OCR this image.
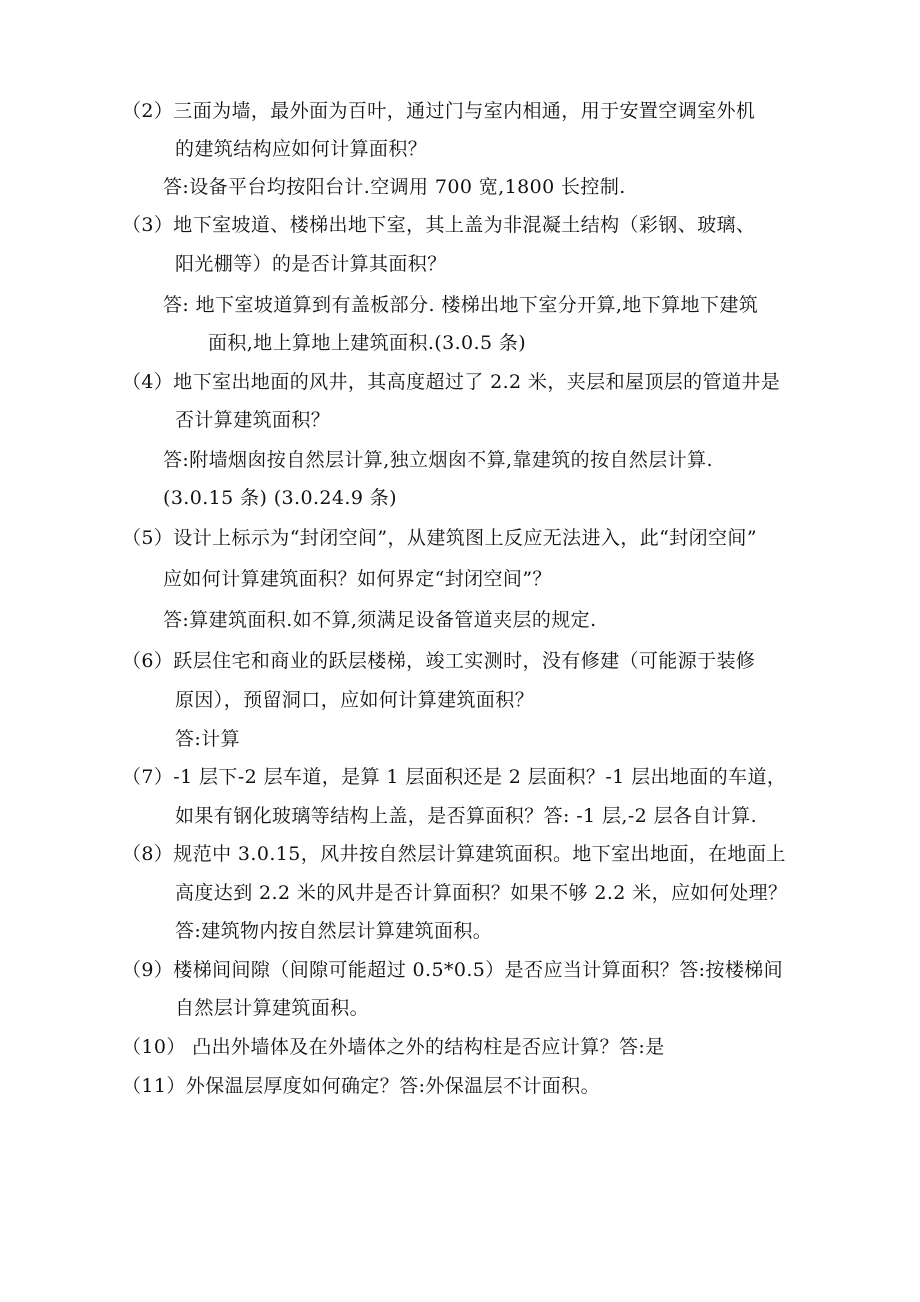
（2）三面为墙，最外面为百叶，通过门与室内相通，用于安置空调室外机
的建筑结构应如何计算面积？
答:设备平台均按阳台计.空调用 700 宽,1800 长控制.
（3）地下室坡道、楼梯出地下室，其上盖为非混凝土结构（彩钢、玻璃、
阳光棚等）的是否计算其面积？
答: 地下室坡道算到有盖板部分. 楼梯出地下室分开算,地下算地下建筑
面积,地上算地上建筑面积.(3.0.5 条)
（4）地下室出地面的风井，其高度超过了 2.2 米，夹层和屋顶层的管道井是
否计算建筑面积？
答:附墙烟囱按自然层计算,独立烟囱不算,靠建筑的按自然层计算.
(3.0.15 条) (3.0.24.9 条)
（5）设计上标示为“封闭空间”，从建筑图上反应无法进入，此“封闭空间”
应如何计算建筑面积？如何界定“封闭空间”？
答:算建筑面积.如不算,须满足设备管道夹层的规定.
（6）跃层住宅和商业的跃层楼梯，竣工实测时，没有修建（可能源于装修
原因），预留洞口，应如何计算建筑面积？
答:计算
（7）-1 层下-2 层车道，是算 1 层面积还是 2 层面积？-1 层出地面的车道，
如果有钢化玻璃等结构上盖，是否算面积？答: -1 层,-2 层各自计算.
（8）规范中 3.0.15，风井按自然层计算建筑面积。地下室出地面，在地面上
高度达到 2.2 米的风井是否计算面积？如果不够 2.2 米，应如何处理？
答:建筑物内按自然层计算建筑面积。
（9）楼梯间间隙（间隙可能超过 0.5*0.5）是否应当计算面积？答:按楼梯间
自然层计算建筑面积。
（10） 凸出外墙体及在外墙体之外的结构柱是否应计算？答:是
（11）外保温层厚度如何确定？答:外保温层不计面积。
